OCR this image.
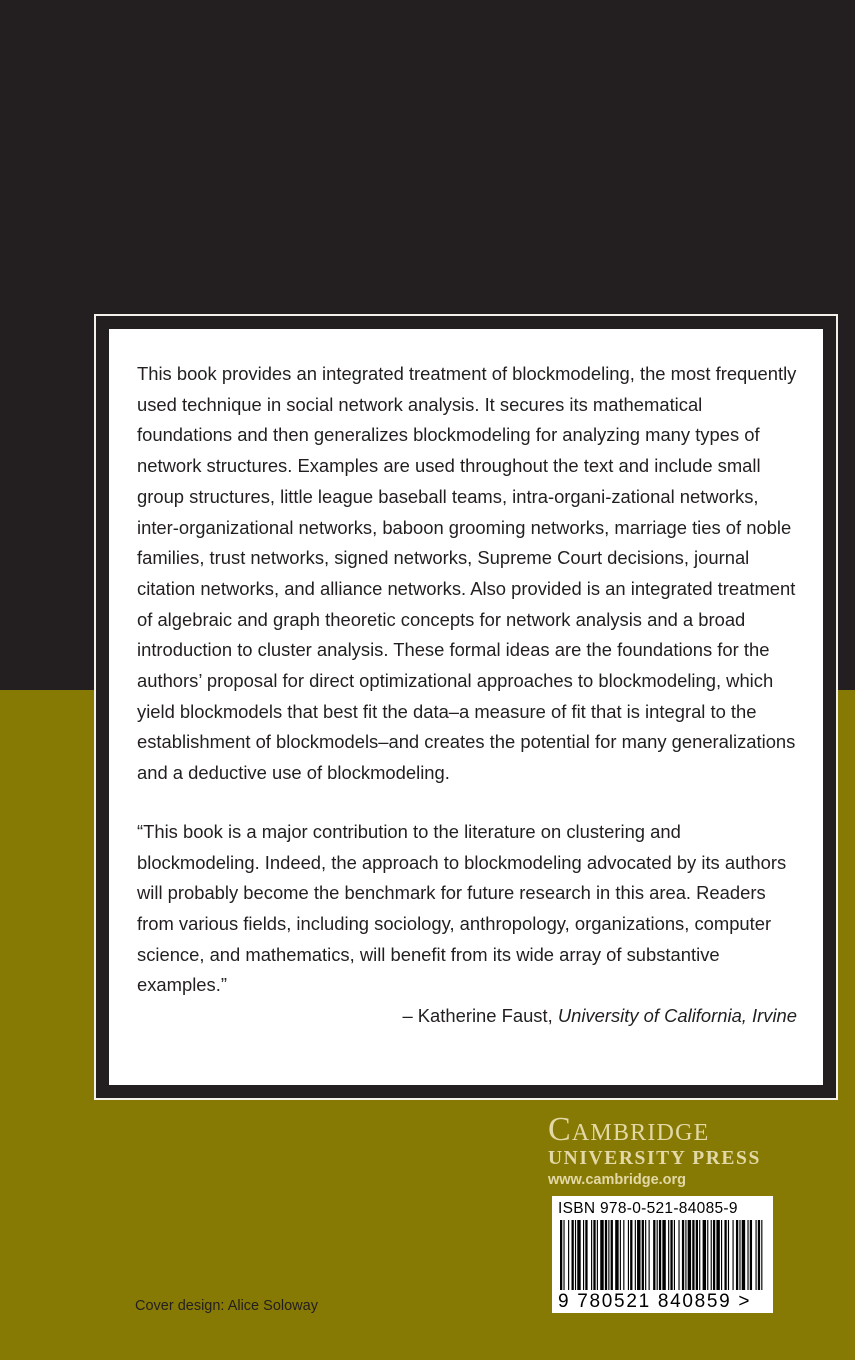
This book provides an integrated treatment of blockmodeling, the most frequently used technique in social network analysis. It secures its mathematical foundations and then generalizes blockmodeling for analyzing many types of network structures. Examples are used throughout the text and include small group structures, little league baseball teams, intra-organi-zational networks, inter-organizational networks, baboon grooming networks, marriage ties of noble families, trust networks, signed networks, Supreme Court decisions, journal citation networks, and alliance networks. Also provided is an integrated treatment of algebraic and graph theoretic concepts for network analysis and a broad introduction to cluster analysis. These formal ideas are the foundations for the authors’ proposal for direct optimizational approaches to blockmodeling, which yield blockmodels that best fit the data–a measure of fit that is integral to the establishment of blockmodels–and creates the potential for many generalizations and a deductive use of blockmodeling.

“This book is a major contribution to the literature on clustering and blockmodeling. Indeed, the approach to blockmodeling advocated by its authors will probably become the benchmark for future research in this area. Readers from various fields, including sociology, anthropology, organizations, computer science, and mathematics, will benefit from its wide array of substantive examples.”

– Katherine Faust, University of California, Irvine
Cambridge
UNIVERSITY PRESS
www.cambridge.org
ISBN 978-0-521-84085-9
9 780521 840859 >
Cover design: Alice Soloway
